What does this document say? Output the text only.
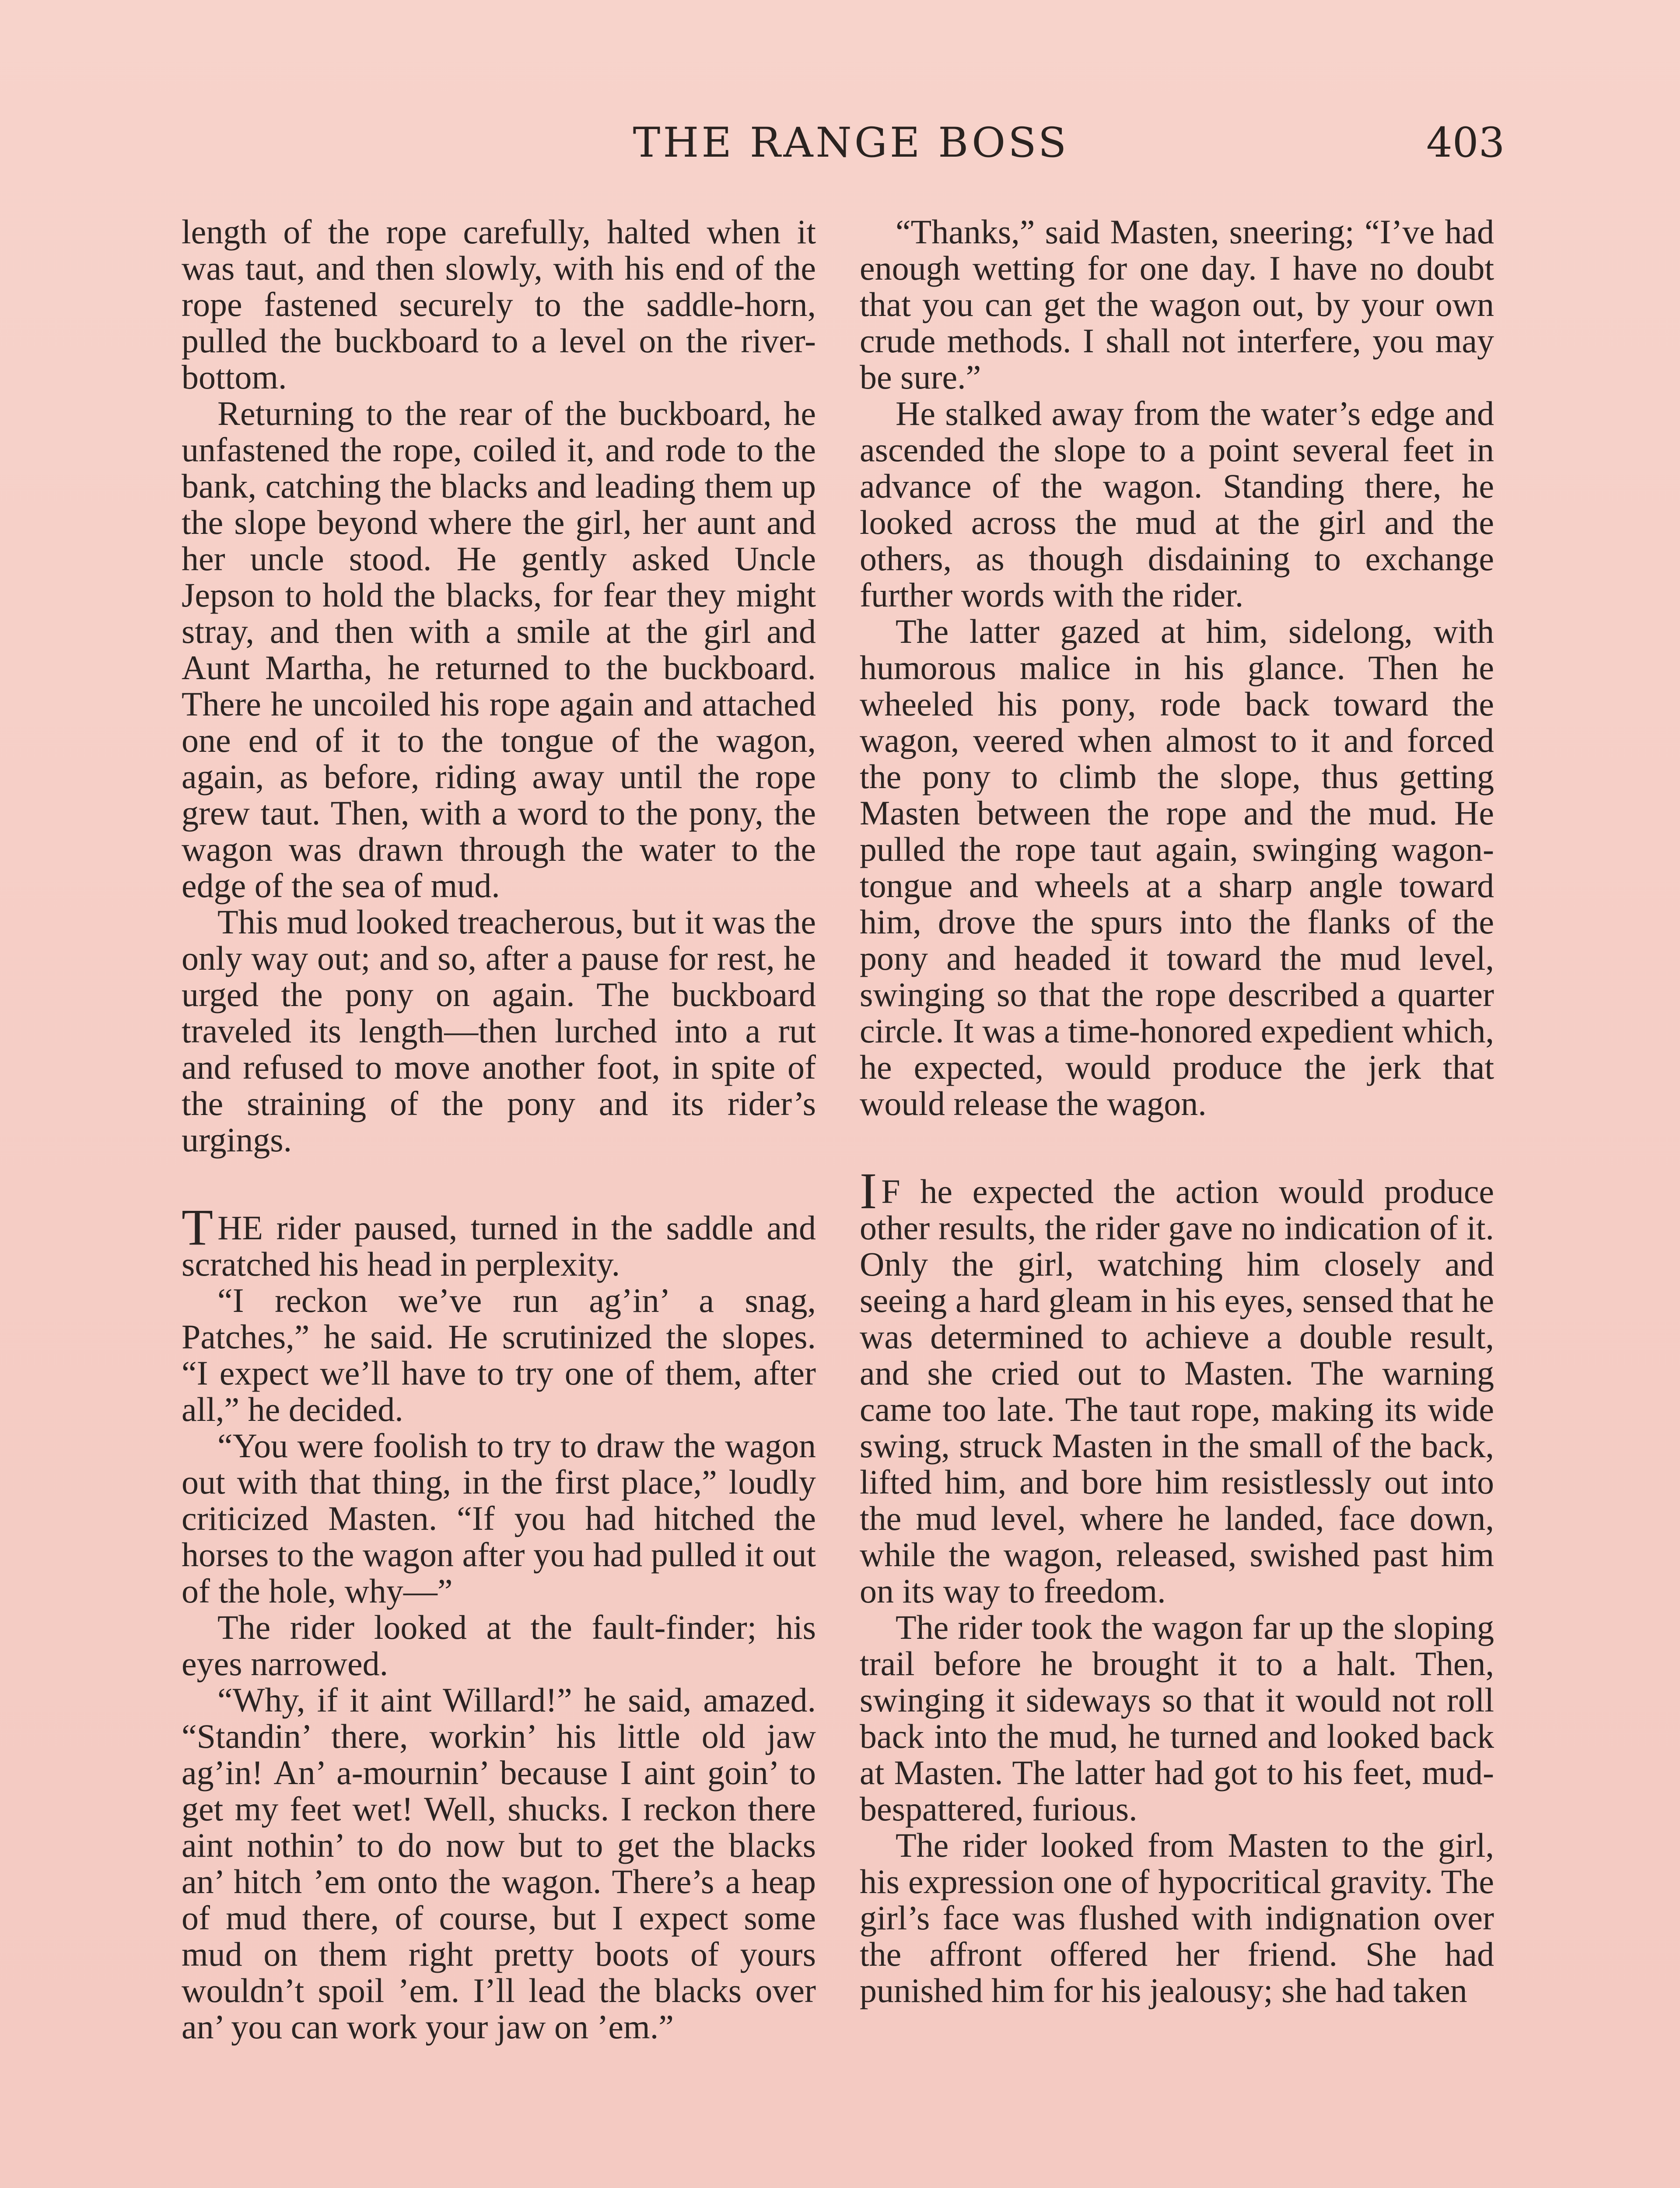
THE RANGE BOSS	403

length of the rope carefully, halted when it was taut, and then slowly, with his end of the rope fastened securely to the saddle-horn, pulled the buckboard to a level on the river-bottom.

Returning to the rear of the buckboard, he unfastened the rope, coiled it, and rode to the bank, catching the blacks and leading them up the slope beyond where the girl, her aunt and her uncle stood. He gently asked Uncle Jepson to hold the blacks, for fear they might stray, and then with a smile at the girl and Aunt Martha, he returned to the buckboard. There he uncoiled his rope again and attached one end of it to the tongue of the wagon, again, as before, riding away until the rope grew taut. Then, with a word to the pony, the wagon was drawn through the water to the edge of the sea of mud.

This mud looked treacherous, but it was the only way out; and so, after a pause for rest, he urged the pony on again. The buckboard traveled its length—then lurched into a rut and refused to move another foot, in spite of the straining of the pony and its rider’s urgings.

THE rider paused, turned in the saddle and scratched his head in perplexity.

“I reckon we’ve run ag’in’ a snag, Patches,” he said. He scrutinized the slopes. “I expect we’ll have to try one of them, after all,” he decided.

“You were foolish to try to draw the wagon out with that thing, in the first place,” loudly criticized Masten. “If you had hitched the horses to the wagon after you had pulled it out of the hole, why—”

The rider looked at the fault-finder; his eyes narrowed.

“Why, if it aint Willard!” he said, amazed. “Standin’ there, workin’ his little old jaw ag’in! An’ a-mournin’ because I aint goin’ to get my feet wet! Well, shucks. I reckon there aint nothin’ to do now but to get the blacks an’ hitch ’em onto the wagon. There’s a heap of mud there, of course, but I expect some mud on them right pretty boots of yours wouldn’t spoil ’em. I’ll lead the blacks over an’ you can work your jaw on ’em.”

“Thanks,” said Masten, sneering; “I’ve had enough wetting for one day. I have no doubt that you can get the wagon out, by your own crude methods. I shall not interfere, you may be sure.”

He stalked away from the water’s edge and ascended the slope to a point several feet in advance of the wagon. Standing there, he looked across the mud at the girl and the others, as though disdaining to exchange further words with the rider.

The latter gazed at him, sidelong, with humorous malice in his glance. Then he wheeled his pony, rode back toward the wagon, veered when almost to it and forced the pony to climb the slope, thus getting Masten between the rope and the mud. He pulled the rope taut again, swinging wagon-tongue and wheels at a sharp angle toward him, drove the spurs into the flanks of the pony and headed it toward the mud level, swinging so that the rope described a quarter circle. It was a time-honored expedient which, he expected, would produce the jerk that would release the wagon.

I F he expected the action would produce other results, the rider gave no indication of it. Only the girl, watching him closely and seeing a hard gleam in his eyes, sensed that he was determined to achieve a double result, and she cried out to Masten. The warning came too late. The taut rope, making its wide swing, struck Masten in the small of the back, lifted him, and bore him resistlessly out into the mud level, where he landed, face down, while the wagon, released, swished past him on its way to freedom.

The rider took the wagon far up the sloping trail before he brought it to a halt. Then, swinging it sideways so that it would not roll back into the mud, he turned and looked back at Masten. The latter had got to his feet, mud-bespattered, furious.

The rider looked from Masten to the girl, his expression one of hypocritical gravity. The girl’s face was flushed with indignation over the affront offered her friend. She had punished him for his jealousy; she had taken
